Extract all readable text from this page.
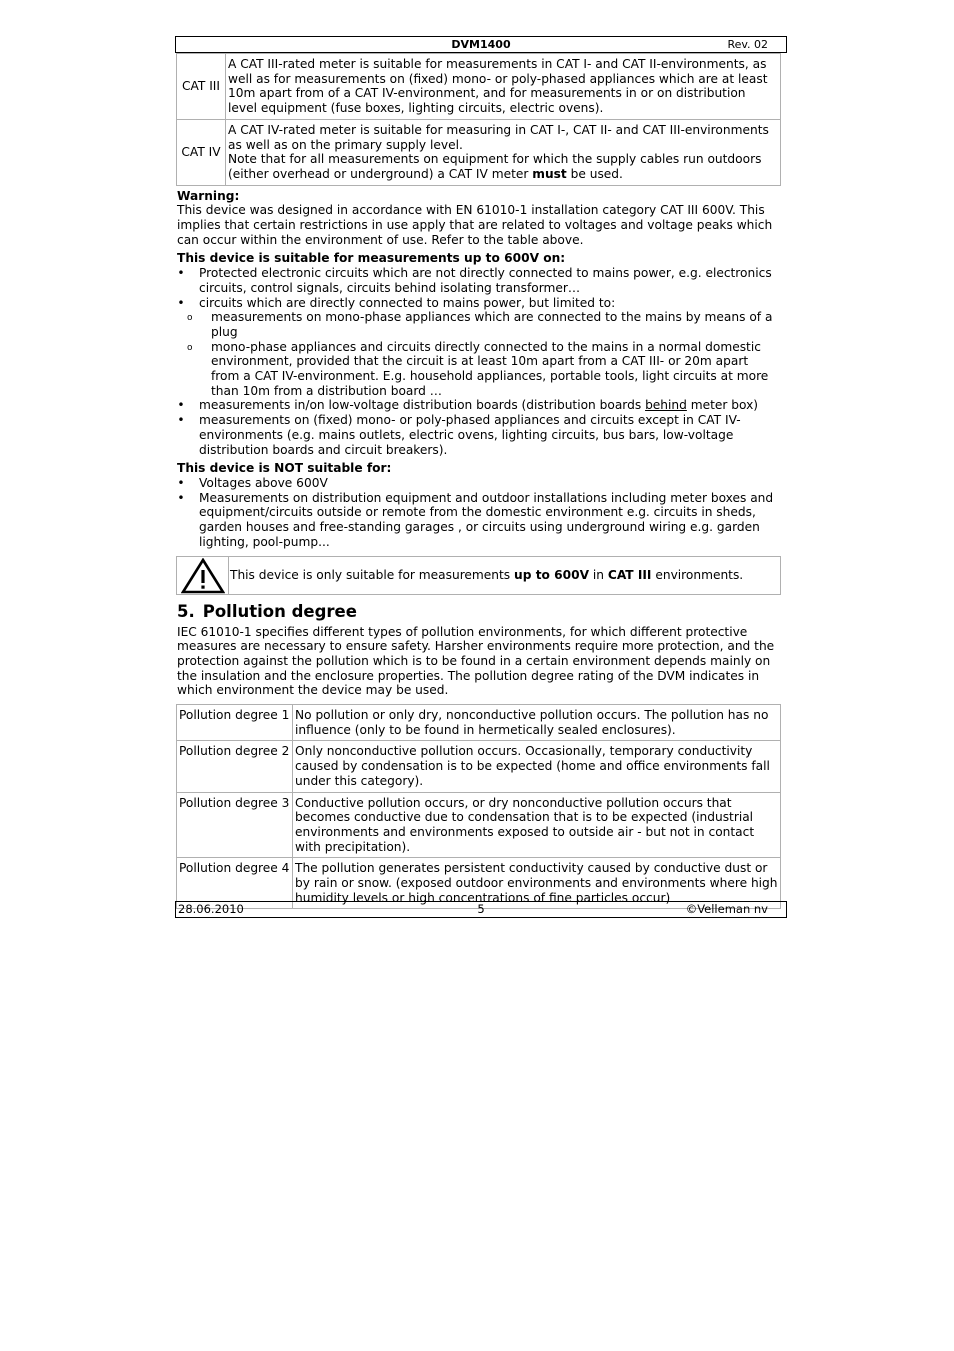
DVM1400	Rev. 02
CAT III	A CAT III-rated meter is suitable for measurements in CAT I- and CAT II-environments, as well as for measurements on (fixed) mono- or poly-phased appliances which are at least 10m apart from of a CAT IV-environment, and for measurements in or on distribution level equipment (fuse boxes, lighting circuits, electric ovens).
CAT IV	A CAT IV-rated meter is suitable for measuring in CAT I-, CAT II- and CAT III-environments as well as on the primary supply level.
Note that for all measurements on equipment for which the supply cables run outdoors (either overhead or underground) a CAT IV meter must be used.

Warning:

This device was designed in accordance with EN 61010-1 installation category CAT III 600V. This implies that certain restrictions in use apply that are related to voltages and voltage peaks which can occur within the environment of use. Refer to the table above.

This device is suitable for measurements up to 600V on:

• Protected electronic circuits which are not directly connected to mains power, e.g. electronics circuits, control signals, circuits behind isolating transformer…
• circuits which are directly connected to mains power, but limited to:
o measurements on mono-phase appliances which are connected to the mains by means of a plug
o mono-phase appliances and circuits directly connected to the mains in a normal domestic environment, provided that the circuit is at least 10m apart from a CAT III- or 20m apart from a CAT IV-environment. E.g. household appliances, portable tools, light circuits at more than 10m from a distribution board …
• measurements in/on low-voltage distribution boards (distribution boards behind meter box)
• measurements on (fixed) mono- or poly-phased appliances and circuits except in CAT IV-environments (e.g. mains outlets, electric ovens, lighting circuits, bus bars, low-voltage distribution boards and circuit breakers).

This device is NOT suitable for:

• Voltages above 600V
• Measurements on distribution equipment and outdoor installations including meter boxes and equipment/circuits outside or remote from the domestic environment e.g. circuits in sheds, garden houses and free-standing garages , or circuits using underground wiring e.g. garden lighting, pool-pump...
This device is only suitable for measurements up to 600V in CAT III environments.
5. Pollution degree

IEC 61010-1 specifies different types of pollution environments, for which different protective measures are necessary to ensure safety. Harsher environments require more protection, and the protection against the pollution which is to be found in a certain environment depends mainly on the insulation and the enclosure properties. The pollution degree rating of the DVM indicates in which environment the device may be used.

Pollution degree 1	No pollution or only dry, nonconductive pollution occurs. The pollution has no influence (only to be found in hermetically sealed enclosures).
Pollution degree 2	Only nonconductive pollution occurs. Occasionally, temporary conductivity caused by condensation is to be expected (home and office environments fall under this category).
Pollution degree 3	Conductive pollution occurs, or dry nonconductive pollution occurs that becomes conductive due to condensation that is to be expected (industrial environments and environments exposed to outside air - but not in contact with precipitation).
Pollution degree 4	The pollution generates persistent conductivity caused by conductive dust or by rain or snow. (exposed outdoor environments and environments where high humidity levels or high concentrations of fine particles occur)
28.06.2010	5	©Velleman nv
